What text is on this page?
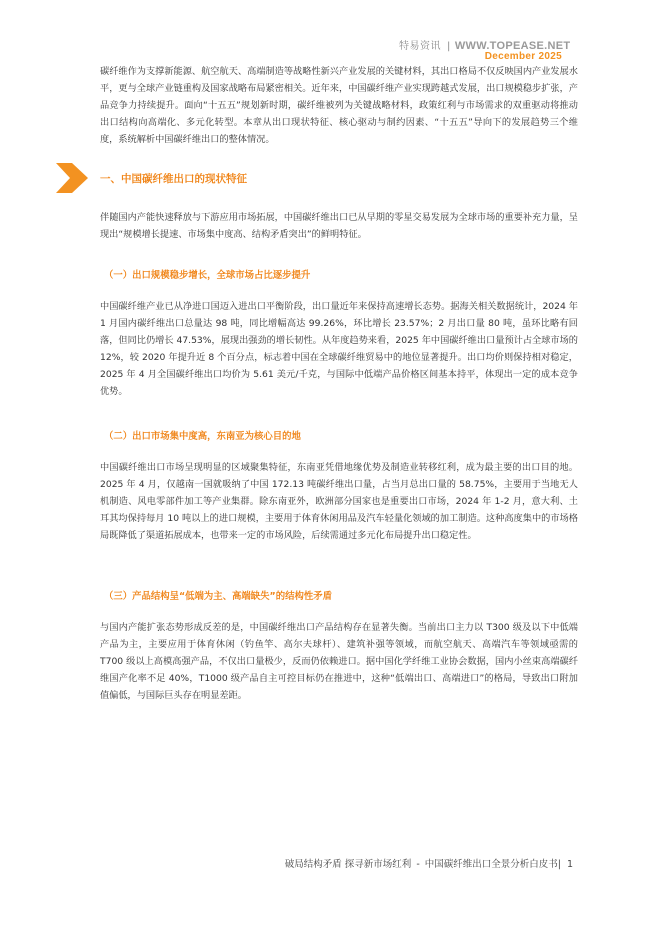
特易资讯 | WWW.TOPEASE.NET
December 2025

碳纤维作为支撑新能源、航空航天、高端制造等战略性新兴产业发展的关键材料，其出口格局不仅反映国内产业发展水平，更与全球产业链重构及国家战略布局紧密相关。近年来，中国碳纤维产业实现跨越式发展，出口规模稳步扩张，产品竞争力持续提升。面向“十五五”规划新时期，碳纤维被列为关键战略材料，政策红利与市场需求的双重驱动将推动出口结构向高端化、多元化转型。本章从出口现状特征、核心驱动与制约因素、“十五五”导向下的发展趋势三个维度，系统解析中国碳纤维出口的整体情况。

一、中国碳纤维出口的现状特征

伴随国内产能快速释放与下游应用市场拓展，中国碳纤维出口已从早期的零星交易发展为全球市场的重要补充力量，呈现出“规模增长提速、市场集中度高、结构矛盾突出”的鲜明特征。

（一）出口规模稳步增长，全球市场占比逐步提升

中国碳纤维产业已从净进口国迈入进出口平衡阶段，出口量近年来保持高速增长态势。据海关相关数据统计，2024 年 1 月国内碳纤维出口总量达 98 吨，同比增幅高达 99.26%，环比增长 23.57%；2 月出口量 80 吨，虽环比略有回落，但同比仍增长 47.53%，展现出强劲的增长韧性。从年度趋势来看，2025 年中国碳纤维出口量预计占全球市场的 12%，较 2020 年提升近 8 个百分点，标志着中国在全球碳纤维贸易中的地位显著提升。出口均价则保持相对稳定，2025 年 4 月全国碳纤维出口均价为 5.61 美元/千克，与国际中低端产品价格区间基本持平，体现出一定的成本竞争优势。

（二）出口市场集中度高，东南亚为核心目的地

中国碳纤维出口市场呈现明显的区域聚集特征，东南亚凭借地缘优势及制造业转移红利，成为最主要的出口目的地。2025 年 4 月，仅越南一国就吸纳了中国 172.13 吨碳纤维出口量，占当月总出口量的 58.75%，主要用于当地无人机制造、风电零部件加工等产业集群。除东南亚外，欧洲部分国家也是重要出口市场，2024 年 1-2 月，意大利、土耳其均保持每月 10 吨以上的进口规模，主要用于体育休闲用品及汽车轻量化领域的加工制造。这种高度集中的市场格局既降低了渠道拓展成本，也带来一定的市场风险，后续需通过多元化布局提升出口稳定性。

（三）产品结构呈“低端为主、高端缺失”的结构性矛盾

与国内产能扩张态势形成反差的是，中国碳纤维出口产品结构存在显著失衡。当前出口主力以 T300 级及以下中低端产品为主，主要应用于体育休闲（钓鱼竿、高尔夫球杆）、建筑补强等领域，而航空航天、高端汽车等领域亟需的 T700 级以上高模高强产品，不仅出口量极少，反而仍依赖进口。据中国化学纤维工业协会数据，国内小丝束高端碳纤维国产化率不足 40%，T1000 级产品自主可控目标仍在推进中，这种“低端出口、高端进口”的格局，导致出口附加值偏低，与国际巨头存在明显差距。

破局结构矛盾 探寻新市场红利 - 中国碳纤维出口全景分析白皮书| 1
